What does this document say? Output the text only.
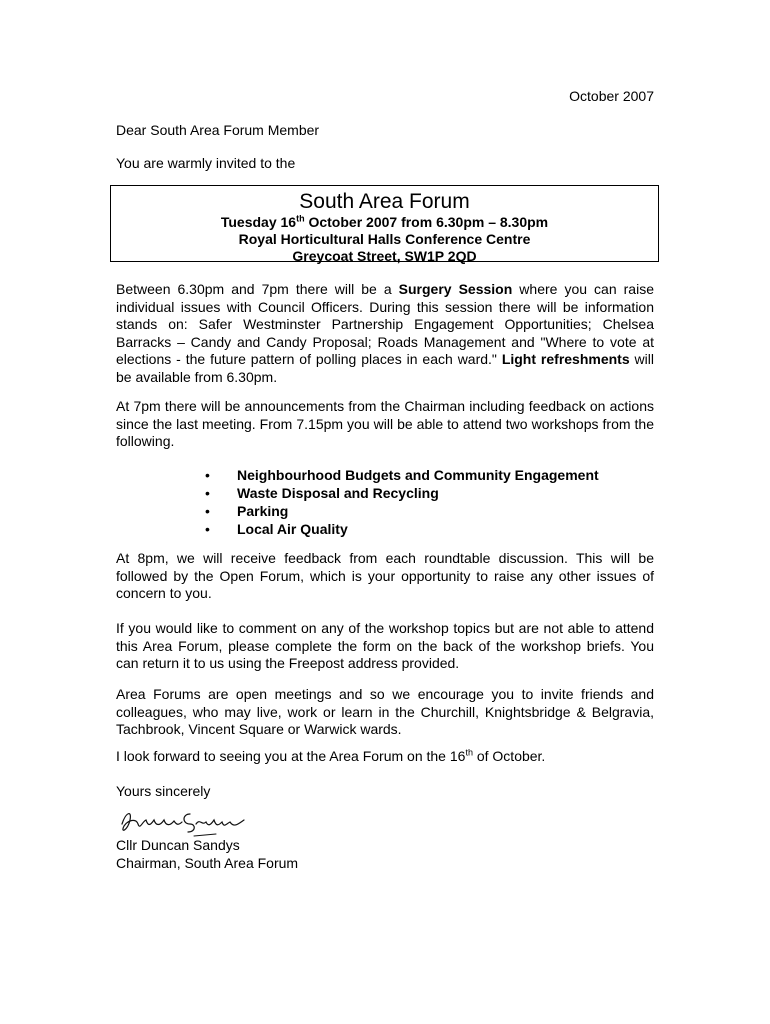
October 2007
Dear South Area Forum Member
You are warmly invited to the
South Area Forum
Tuesday 16th October 2007 from 6.30pm – 8.30pm
Royal Horticultural Halls Conference Centre
Greycoat Street, SW1P 2QD

Between 6.30pm and 7pm there will be a Surgery Session where you can raise individual issues with Council Officers. During this session there will be information stands on: Safer Westminster Partnership Engagement Opportunities; Chelsea Barracks – Candy and Candy Proposal; Roads Management and "Where to vote at elections - the future pattern of polling places in each ward." Light refreshments will be available from 6.30pm.

At 7pm there will be announcements from the Chairman including feedback on actions since the last meeting. From 7.15pm you will be able to attend two workshops from the following.

• Neighbourhood Budgets and Community Engagement
• Waste Disposal and Recycling
• Parking
• Local Air Quality

At 8pm, we will receive feedback from each roundtable discussion. This will be followed by the Open Forum, which is your opportunity to raise any other issues of concern to you.

If you would like to comment on any of the workshop topics but are not able to attend this Area Forum, please complete the form on the back of the workshop briefs. You can return it to us using the Freepost address provided.

Area Forums are open meetings and so we encourage you to invite friends and colleagues, who may live, work or learn in the Churchill, Knightsbridge & Belgravia, Tachbrook, Vincent Square or Warwick wards.

I look forward to seeing you at the Area Forum on the 16th of October.

Yours sincerely
Cllr Duncan Sandys
Chairman, South Area Forum
